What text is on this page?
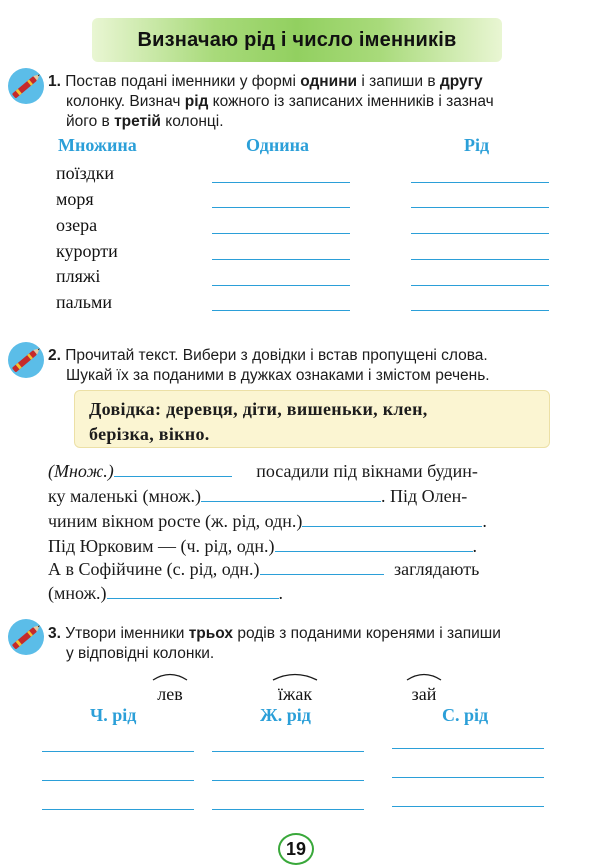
Визначаю рід і число іменників
1. Постав подані іменники у формі однини і запиши в другу
колонку. Визнач рід кожного із записаних іменників і зазнач
його в третій колонці.
Множина	Однина	Рід
поїздки
моря
озера
курорти
пляжі
пальми
2. Прочитай текст. Вибери з довідки і встав пропущені слова.
Шукай їх за поданими в дужках ознаками і змістом речень.

Довідка: деревця, діти, вишеньки, клен,
берізка, вікно.

(Множ.)	посадили під вікнами будин-
ку маленькі (множ.)	. Під Олен-
чиним вікном росте (ж. рід, одн.)	.
Під Юрковим — (ч. рід, одн.)	.
А в Софійчине (с. рід, одн.)	заглядають
(множ.)	.
3. Утвори іменники трьох родів з поданими коренями і запиши
у відповідні колонки.
лев	їжак	зай
Ч. рід	Ж. рід	С. рід
19
